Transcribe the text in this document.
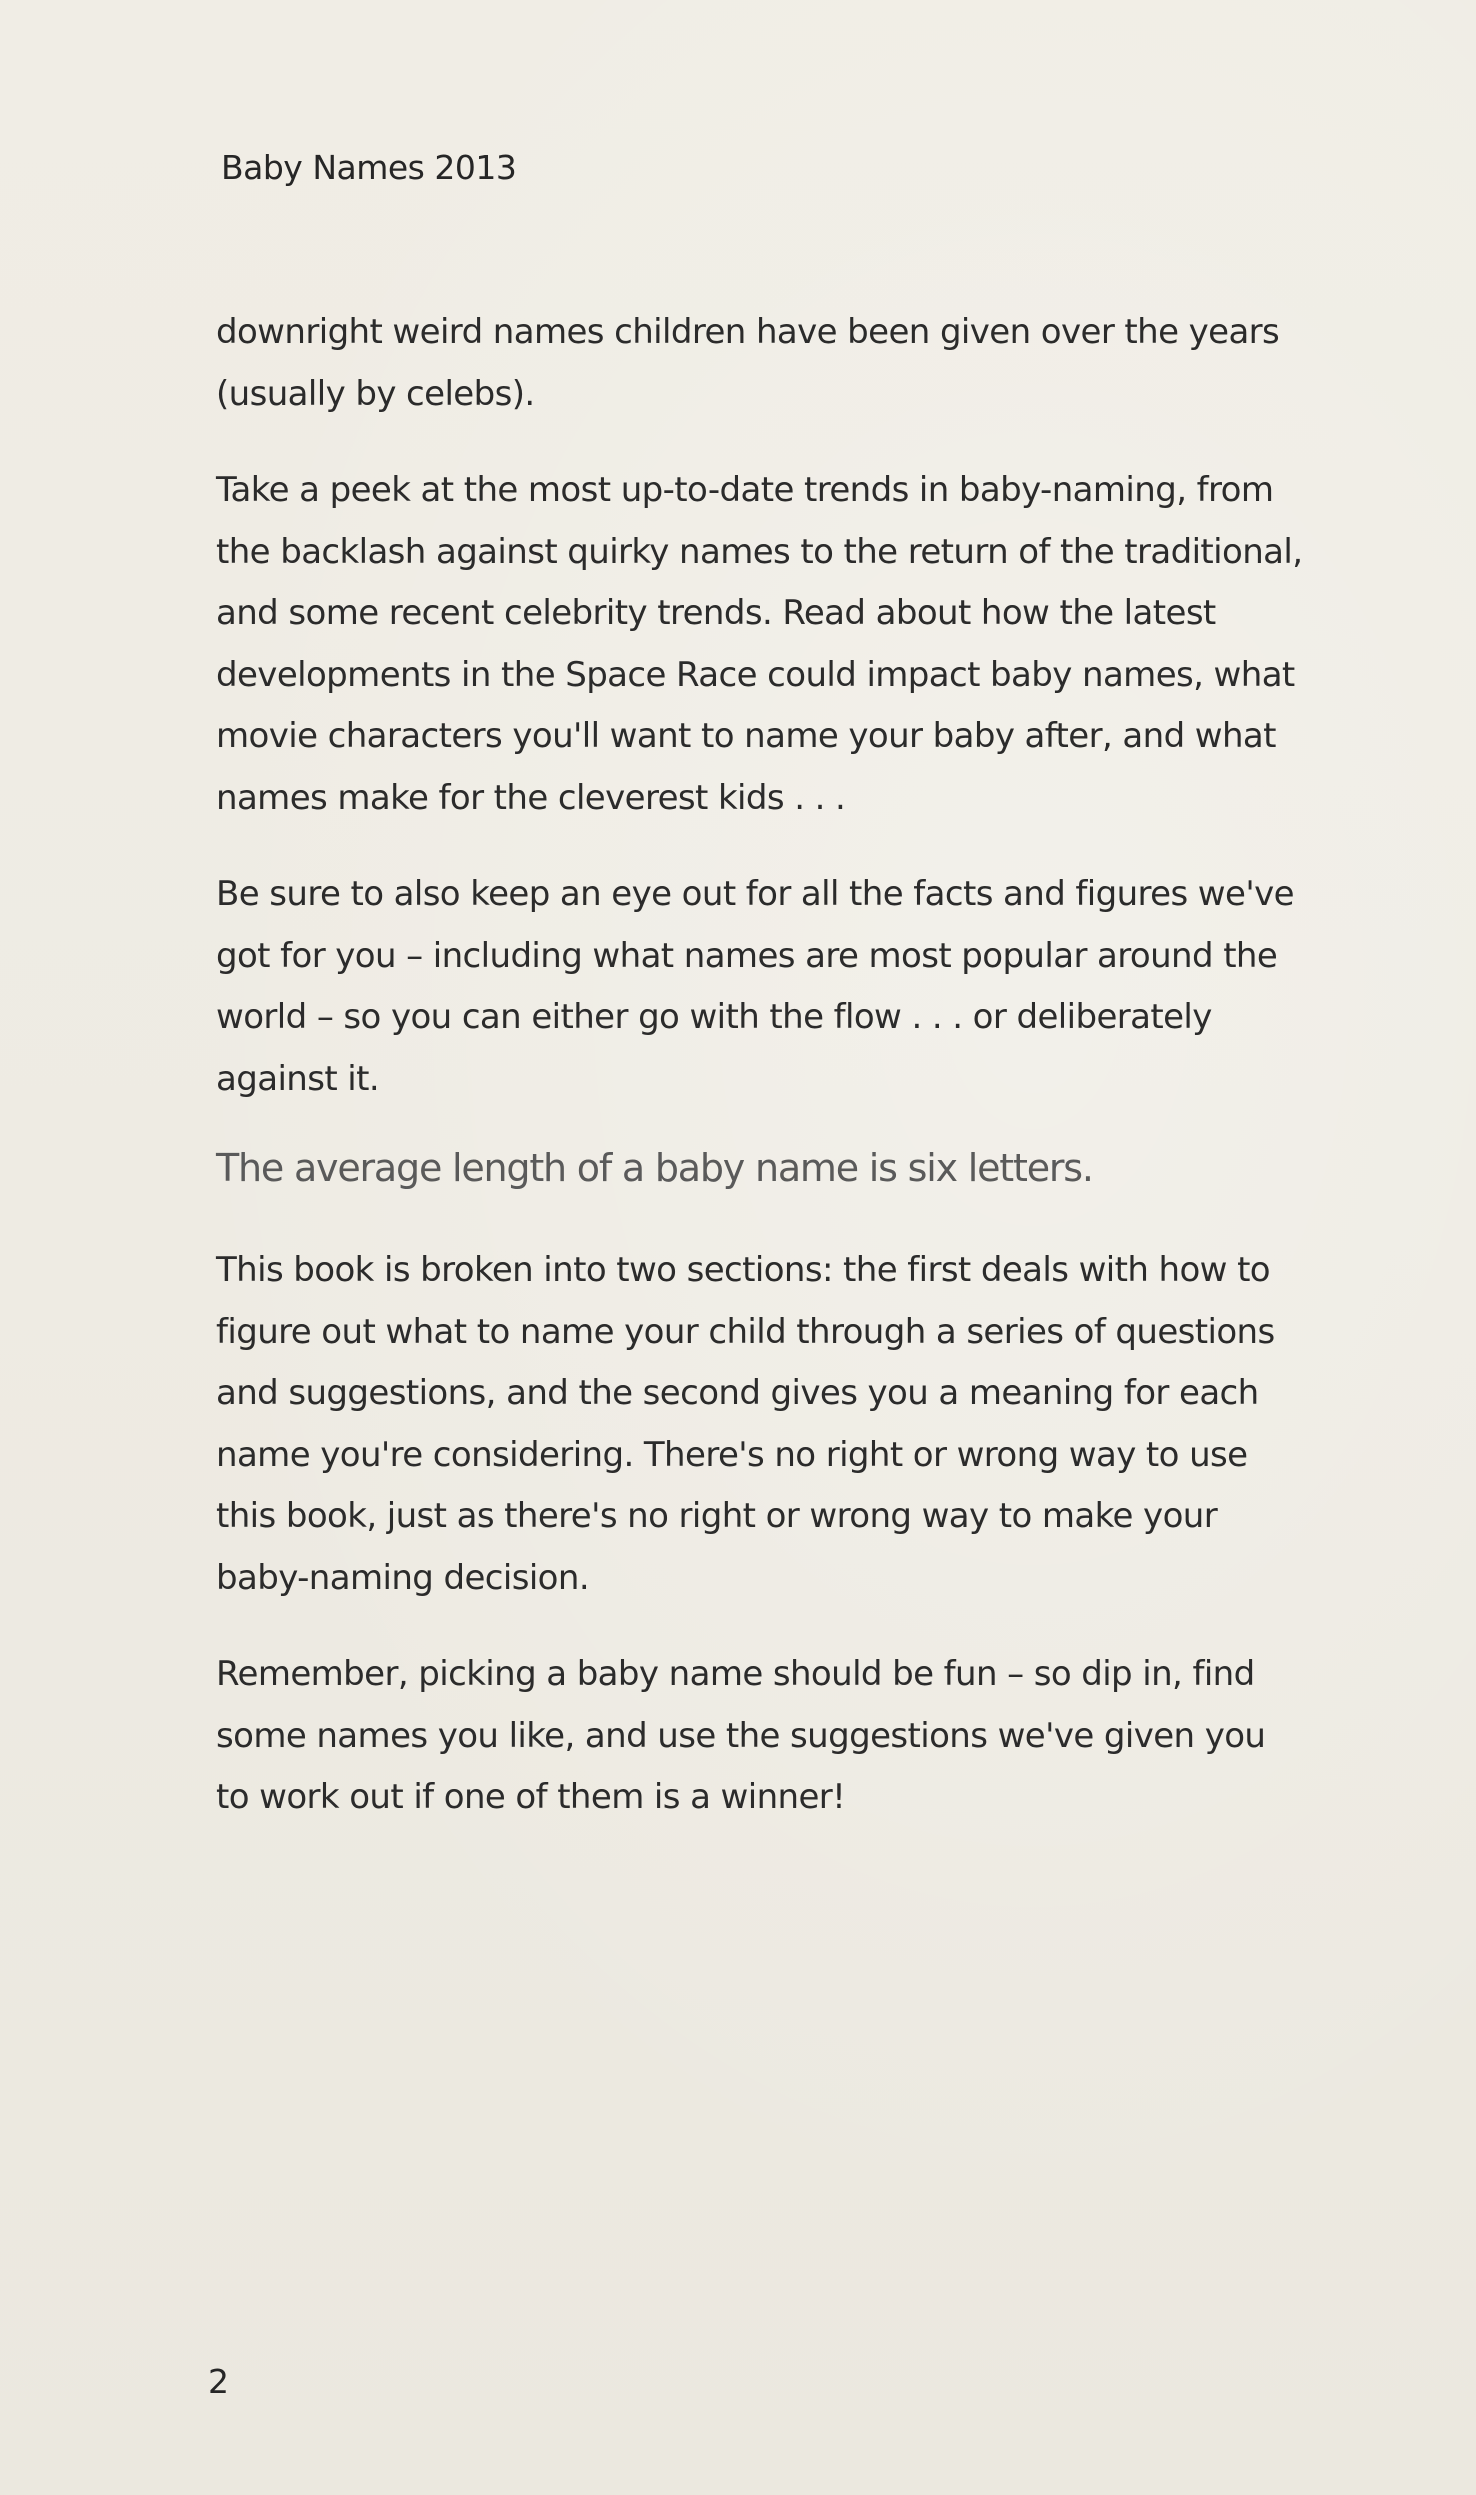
Baby Names 2013

downright weird names children have been given over the years (usually by celebs).

Take a peek at the most up-to-date trends in baby-naming, from the backlash against quirky names to the return of the traditional, and some recent celebrity trends. Read about how the latest developments in the Space Race could impact baby names, what movie characters you'll want to name your baby after, and what names make for the cleverest kids . . .

Be sure to also keep an eye out for all the facts and figures we've got for you – including what names are most popular around the world – so you can either go with the flow . . . or deliberately against it.

The average length of a baby name is six letters.

This book is broken into two sections: the first deals with how to figure out what to name your child through a series of questions and suggestions, and the second gives you a meaning for each name you're considering. There's no right or wrong way to use this book, just as there's no right or wrong way to make your baby-naming decision.

Remember, picking a baby name should be fun – so dip in, find some names you like, and use the suggestions we've given you to work out if one of them is a winner!

2
